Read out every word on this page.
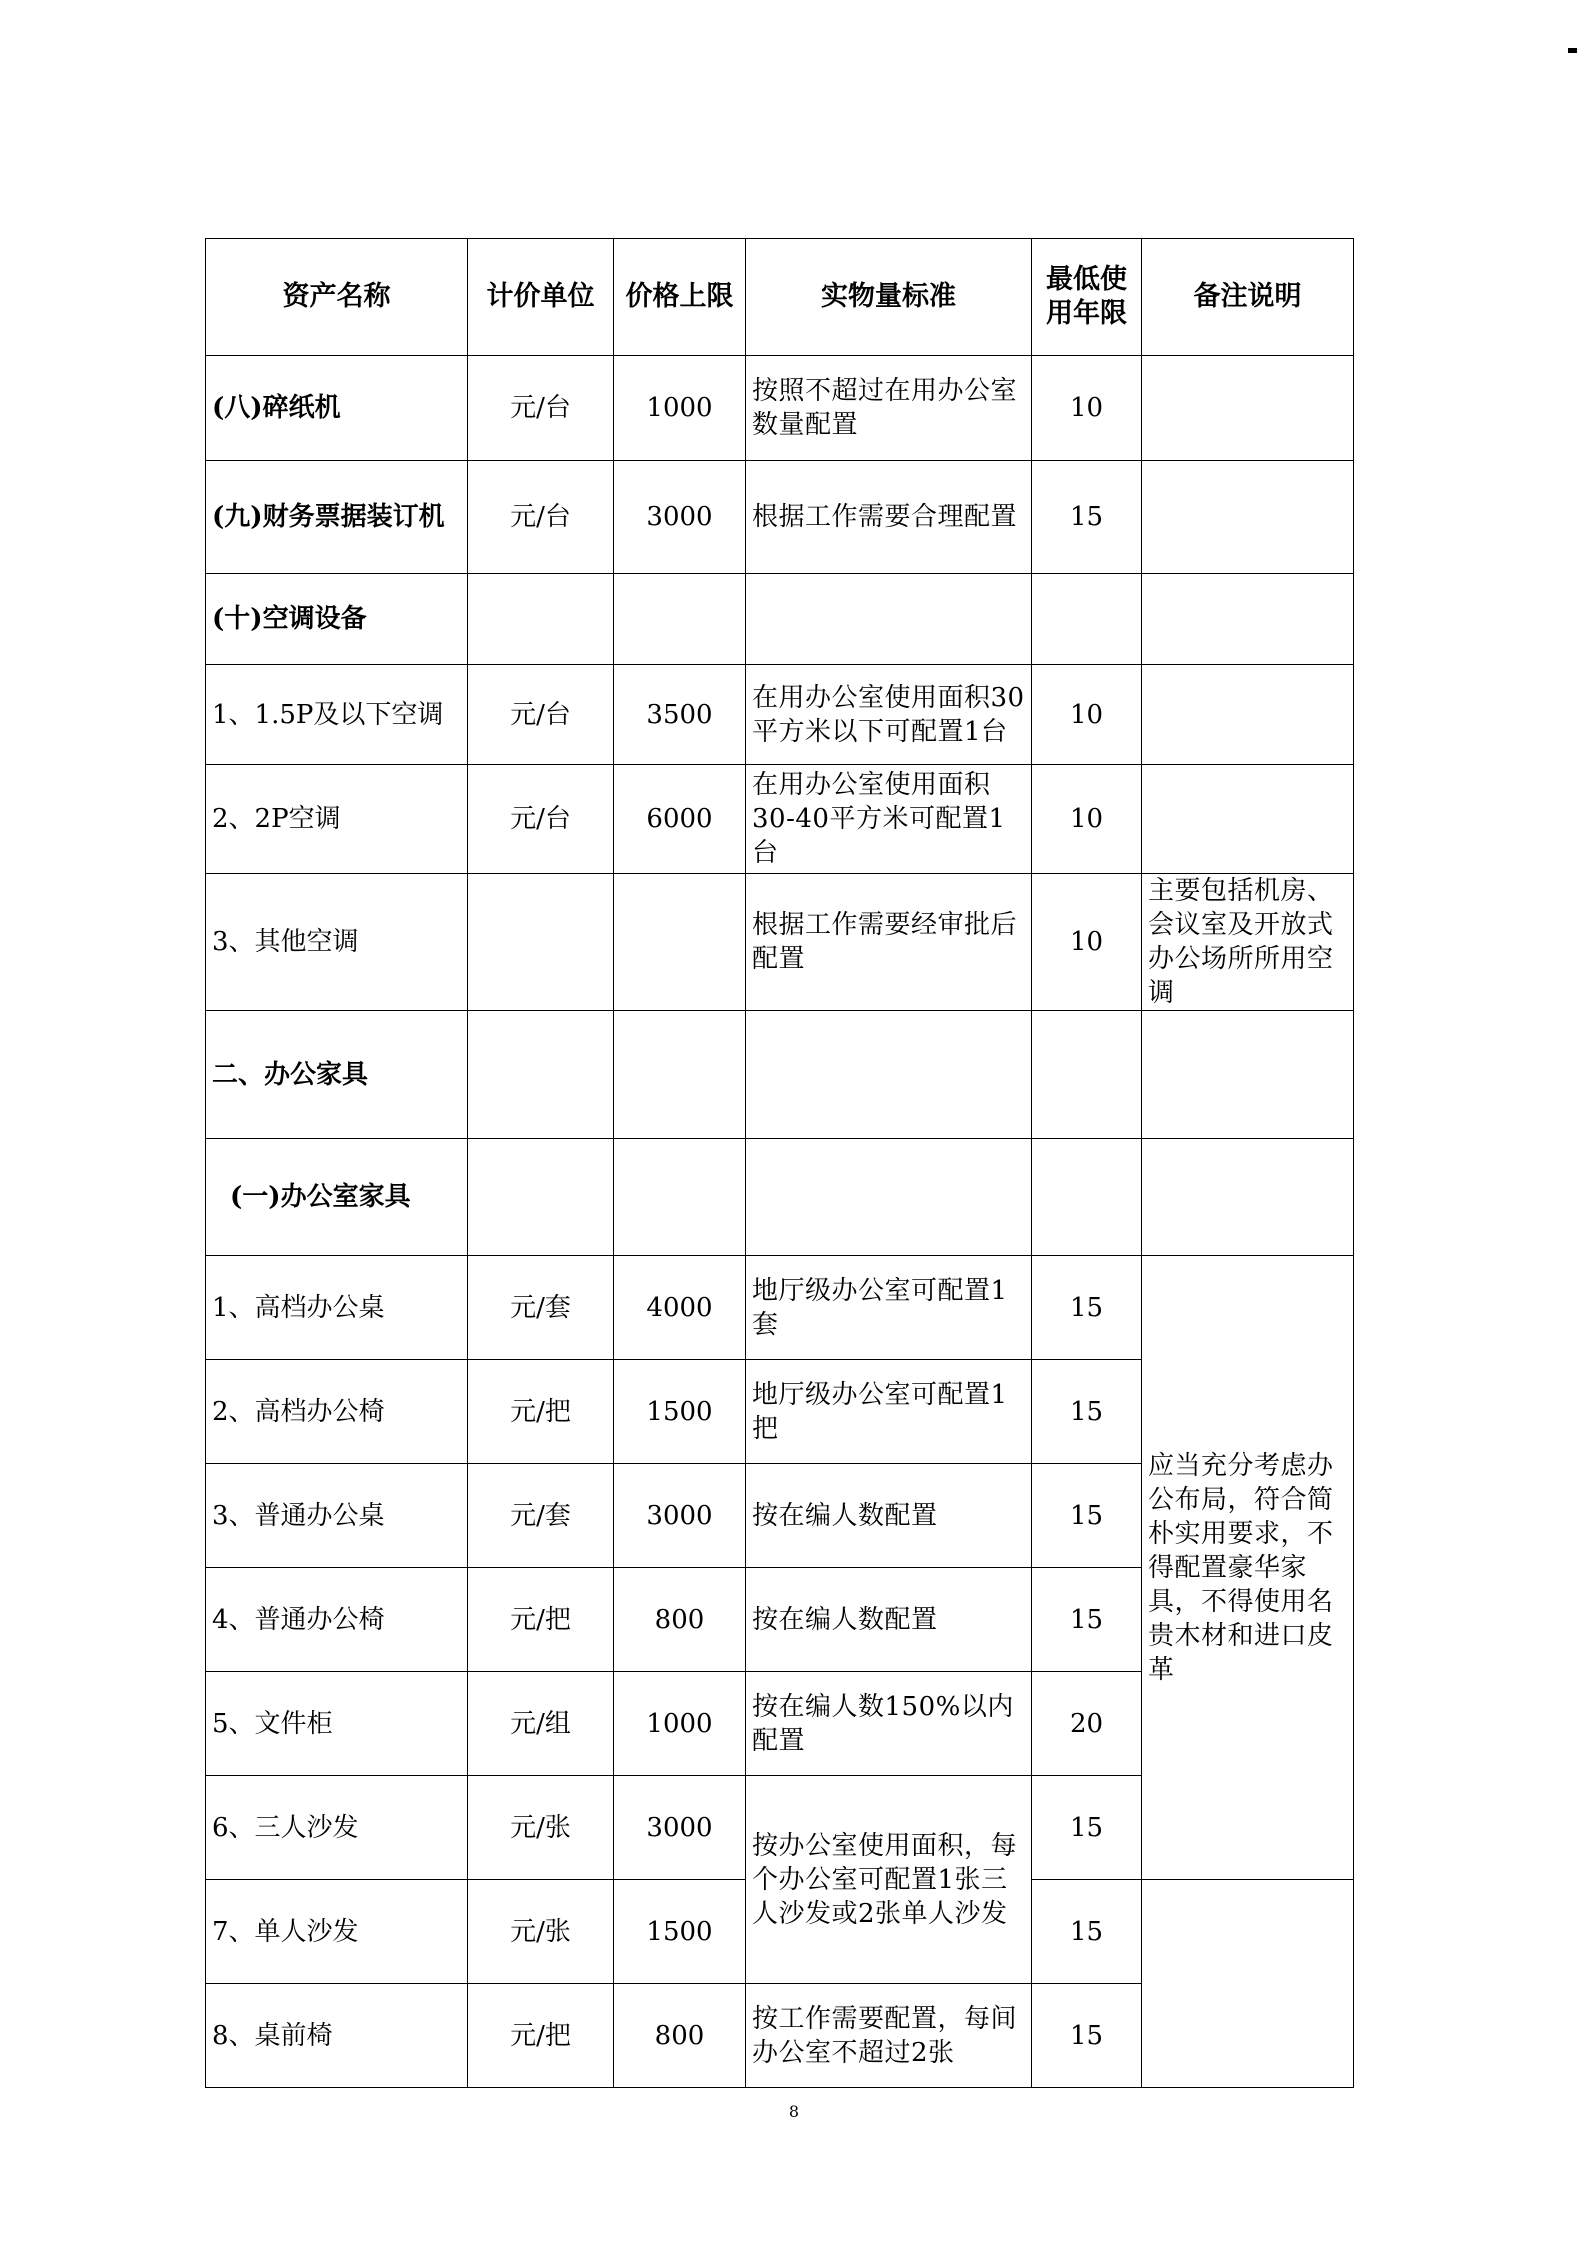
资产名称	计价单位	价格上限	实物量标准	最低使用年限	备注说明
(八)碎纸机	元/台	1000	按照不超过在用办公室数量配置	10	
(九)财务票据装订机	元/台	3000	根据工作需要合理配置	15	
(十)空调设备					
1、1.5P及以下空调	元/台	3500	在用办公室使用面积30平方米以下可配置1台	10	
2、2P空调	元/台	6000	在用办公室使用面积30-40平方米可配置1台	10	
3、其他空调			根据工作需要经审批后配置	10	主要包括机房、会议室及开放式办公场所所用空调
二、办公家具					
(一)办公室家具					
1、高档办公桌	元/套	4000	地厅级办公室可配置1套	15	应当充分考虑办公布局，符合简朴实用要求，不得配置豪华家具，不得使用名贵木材和进口皮革
2、高档办公椅	元/把	1500	地厅级办公室可配置1把	15	
3、普通办公桌	元/套	3000	按在编人数配置	15	
4、普通办公椅	元/把	800	按在编人数配置	15	
5、文件柜	元/组	1000	按在编人数150%以内配置	20	
6、三人沙发	元/张	3000	按办公室使用面积，每个办公室可配置1张三人沙发或2张单人沙发	15	
7、单人沙发	元/张	1500		15	
8、桌前椅	元/把	800	按工作需要配置，每间办公室不超过2张	15	
8
